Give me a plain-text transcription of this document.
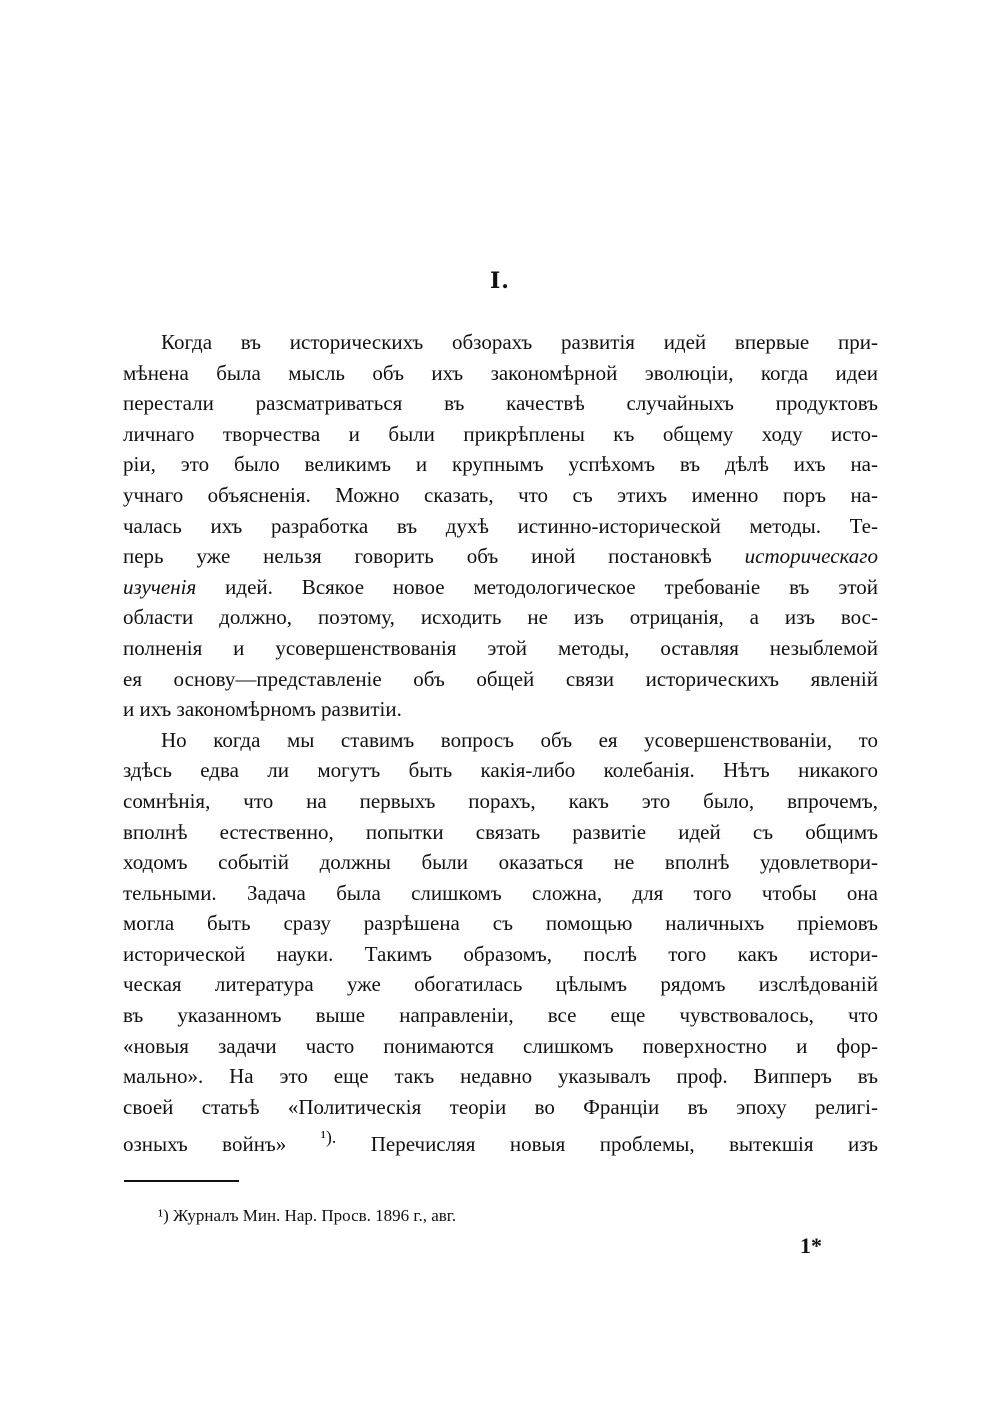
I.
Когда въ историческихъ обзорахъ развитія идей впервые при-
мѣнена была мысль объ ихъ закономѣрной эволюціи, когда идеи
перестали разсматриваться въ качествѣ случайныхъ продуктовъ
личнаго творчества и были прикрѣплены къ общему ходу исто-
ріи, это было великимъ и крупнымъ успѣхомъ въ дѣлѣ ихъ на-
учнаго объясненія. Можно сказать, что съ этихъ именно поръ на-
чалась ихъ разработка въ духѣ истинно-исторической методы. Те-
перь уже нельзя говорить объ иной постановкѣ историческаго
изученія идей. Всякое новое методологическое требованіе въ этой
области должно, поэтому, исходить не изъ отрицанія, а изъ вос-
полненія и усовершенствованія этой методы, оставляя незыблемой
ея основу—представленіе объ общей связи историческихъ явленій
и ихъ закономѣрномъ развитіи.
Но когда мы ставимъ вопросъ объ ея усовершенствованіи, то
здѣсь едва ли могутъ быть какія-либо колебанія. Нѣтъ никакого
сомнѣнія, что на первыхъ порахъ, какъ это было, впрочемъ,
вполнѣ естественно, попытки связать развитіе идей съ общимъ
ходомъ событій должны были оказаться не вполнѣ удовлетвори-
тельными. Задача была слишкомъ сложна, для того чтобы она
могла быть сразу разрѣшена съ помощью наличныхъ пріемовъ
исторической науки. Такимъ образомъ, послѣ того какъ истори-
ческая литература уже обогатилась цѣлымъ рядомъ изслѣдованій
въ указанномъ выше направленіи, все еще чувствовалось, что
«новыя задачи часто понимаются слишкомъ поверхностно и фор-
мально». На это еще такъ недавно указывалъ проф. Випперъ въ
своей статьѣ «Политическія теоріи во Франціи въ эпоху религі-
озныхъ войнъ» $^{^1).}$ Перечисляя новыя проблемы, вытекшія изъ
¹) Журналъ Мин. Нар. Просв. 1896 г., авг.
1*
